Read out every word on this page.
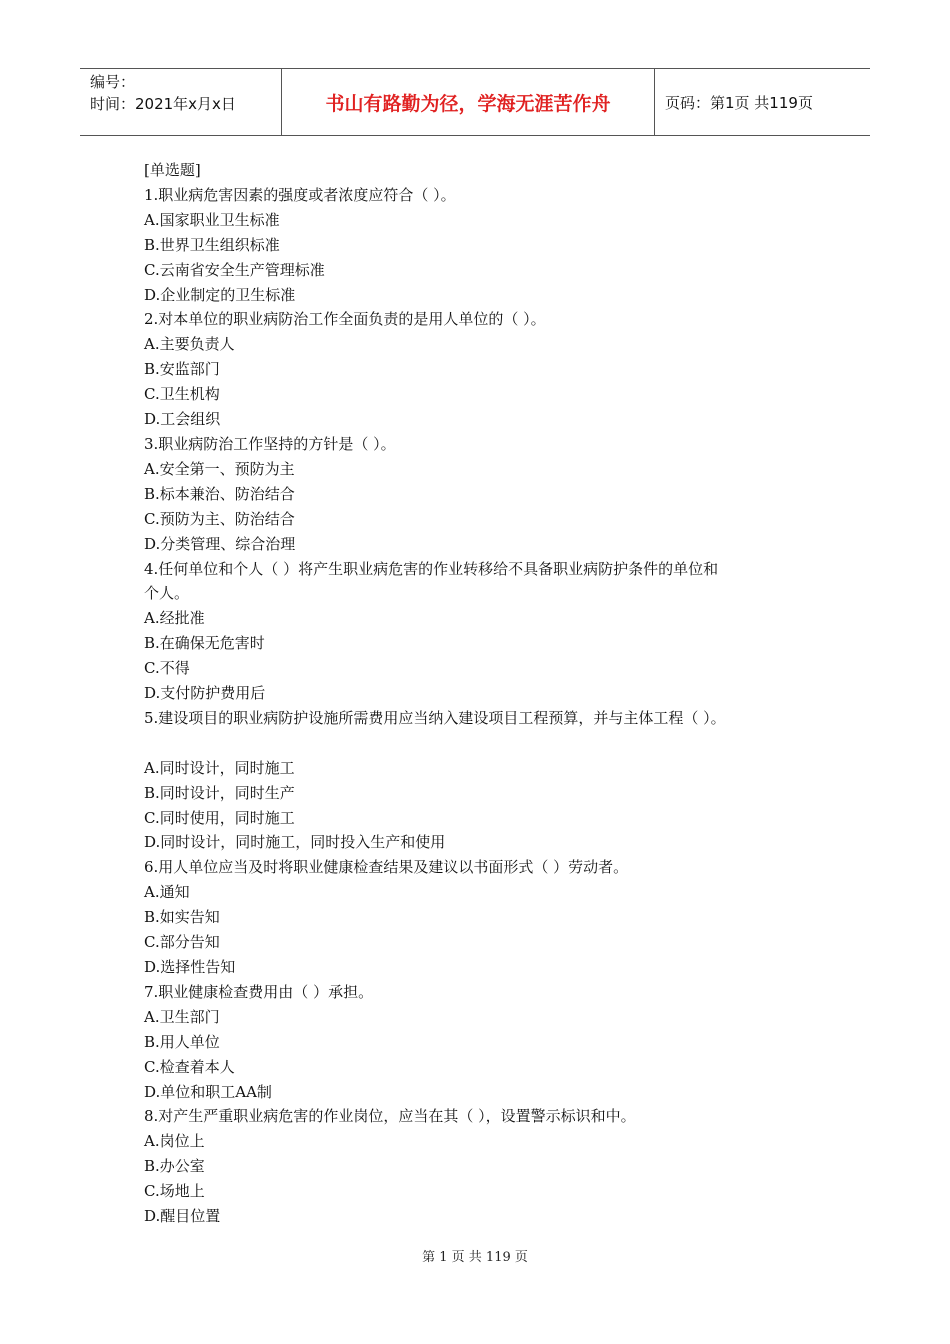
编号：
时间：2021年x月x日	书山有路勤为径，学海无涯苦作舟	页码：第1页 共119页
[单选题]
1.职业病危害因素的强度或者浓度应符合（ ）。
A.国家职业卫生标准
B.世界卫生组织标准
C.云南省安全生产管理标准
D.企业制定的卫生标准
2.对本单位的职业病防治工作全面负责的是用人单位的（ ）。
A.主要负责人
B.安监部门
C.卫生机构
D.工会组织
3.职业病防治工作坚持的方针是（ ）。
A.安全第一、预防为主
B.标本兼治、防治结合
C.预防为主、防治结合
D.分类管理、综合治理
4.任何单位和个人（ ）将产生职业病危害的作业转移给不具备职业病防护条件的单位和
个人。
A.经批准
B.在确保无危害时
C.不得
D.支付防护费用后
5.建设项目的职业病防护设施所需费用应当纳入建设项目工程预算，并与主体工程（ ）。
A.同时设计，同时施工
B.同时设计，同时生产
C.同时使用，同时施工
D.同时设计，同时施工，同时投入生产和使用
6.用人单位应当及时将职业健康检查结果及建议以书面形式（ ）劳动者。
A.通知
B.如实告知
C.部分告知
D.选择性告知
7.职业健康检查费用由（ ）承担。
A.卫生部门
B.用人单位
C.检查着本人
D.单位和职工AA制
8.对产生严重职业病危害的作业岗位，应当在其（ ），设置警示标识和中。
A.岗位上
B.办公室
C.场地上
D.醒目位置
第 1 页 共 119 页
